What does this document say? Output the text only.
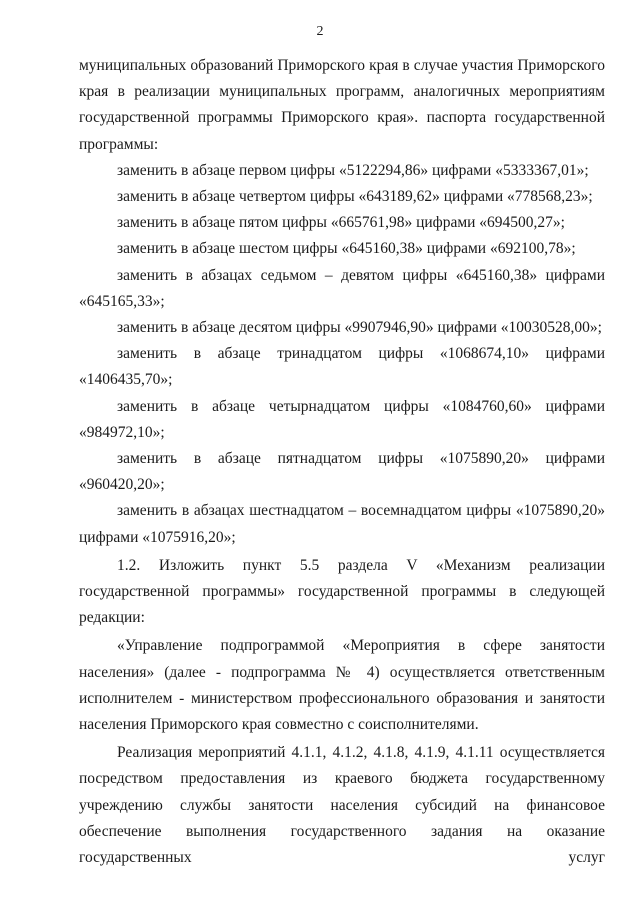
2

муниципальных образований Приморского края в случае участия Приморского края в реализации муниципальных программ, аналогичных мероприятиям государственной программы Приморского края». паспорта государственной программы:

заменить в абзаце первом цифры «5122294,86» цифрами «5333367,01»;

заменить в абзаце четвертом цифры «643189,62» цифрами «778568,23»;

заменить в абзаце пятом цифры «665761,98» цифрами «694500,27»;

заменить в абзаце шестом цифры «645160,38» цифрами «692100,78»;

заменить в абзацах седьмом – девятом цифры «645160,38» цифрами «645165,33»;

заменить в абзаце десятом цифры «9907946,90» цифрами «10030528,00»;

заменить в абзаце тринадцатом цифры «1068674,10» цифрами «1406435,70»;

заменить в абзаце четырнадцатом цифры «1084760,60» цифрами «984972,10»;

заменить в абзаце пятнадцатом цифры «1075890,20» цифрами «960420,20»;

заменить в абзацах шестнадцатом – восемнадцатом цифры «1075890,20» цифрами «1075916,20»;

1.2. Изложить пункт 5.5 раздела V «Механизм реализации государственной программы» государственной программы в следующей редакции:

«Управление подпрограммой «Мероприятия в сфере занятости населения» (далее - подпрограмма № 4) осуществляется ответственным исполнителем - министерством профессионального образования и занятости населения Приморского края совместно с соисполнителями.

Реализация мероприятий 4.1.1, 4.1.2, 4.1.8, 4.1.9, 4.1.11 осуществляется посредством предоставления из краевого бюджета государственному учреждению службы занятости населения субсидий на финансовое обеспечение выполнения государственного задания на оказание государственных услуг
